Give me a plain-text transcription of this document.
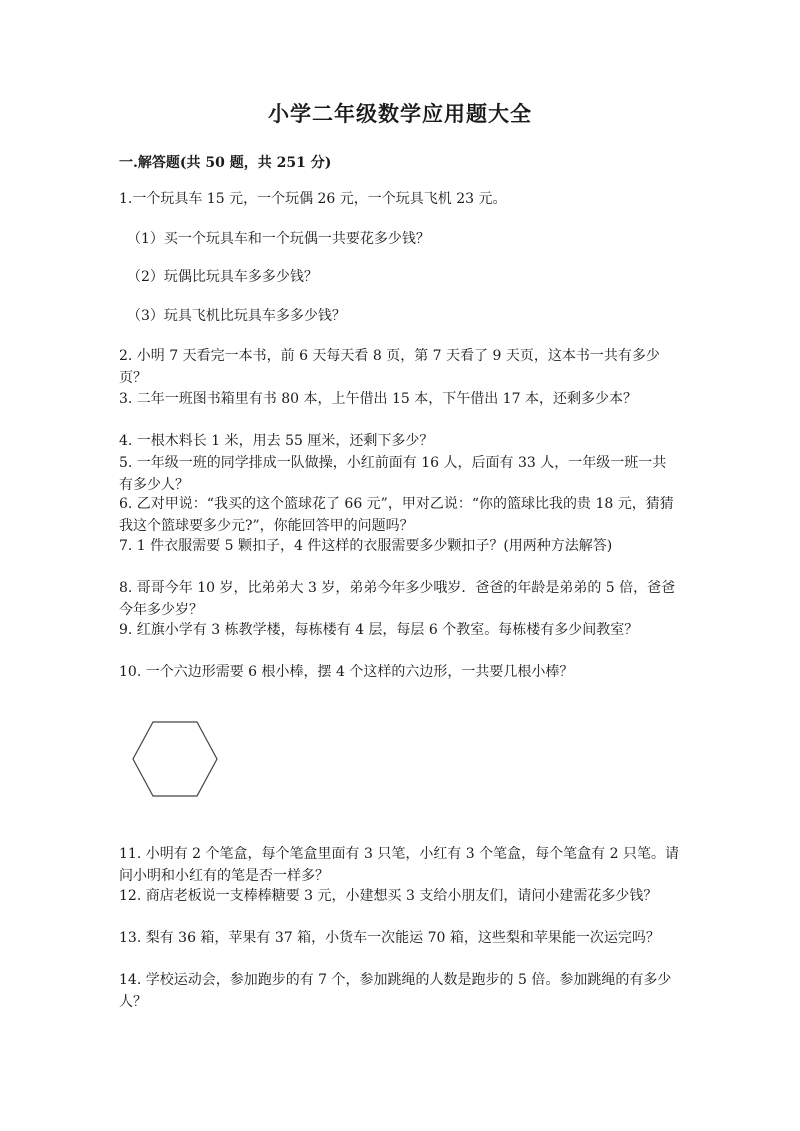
小学二年级数学应用题大全
一.解答题(共 50 题，共 251 分)

1.一个玩具车 15 元，一个玩偶 26 元，一个玩具飞机 23 元。

（1）买一个玩具车和一个玩偶一共要花多少钱？

（2）玩偶比玩具车多多少钱？

（3）玩具飞机比玩具车多多少钱？

2. 小明 7 天看完一本书，前 6 天每天看 8 页，第 7 天看了 9 天页，这本书一共有多少页？

3. 二年一班图书箱里有书 80 本，上午借出 15 本，下午借出 17 本，还剩多少本？

4. 一根木料长 1 米，用去 55 厘米，还剩下多少？

5. 一年级一班的同学排成一队做操，小红前面有 16 人，后面有 33 人，一年级一班一共有多少人？

6. 乙对甲说：“我买的这个篮球花了 66 元”，甲对乙说：“你的篮球比我的贵 18 元，猜猜我这个篮球要多少元?”，你能回答甲的问题吗？

7. 1 件衣服需要 5 颗扣子，4 件这样的衣服需要多少颗扣子？(用两种方法解答)

8. 哥哥今年 10 岁，比弟弟大 3 岁，弟弟今年多少哦岁．爸爸的年龄是弟弟的 5 倍，爸爸今年多少岁？

9. 红旗小学有 3 栋教学楼，每栋楼有 4 层，每层 6 个教室。每栋楼有多少间教室？

10. 一个六边形需要 6 根小棒，摆 4 个这样的六边形，一共要几根小棒？

11. 小明有 2 个笔盒，每个笔盒里面有 3 只笔，小红有 3 个笔盒，每个笔盒有 2 只笔。请问小明和小红有的笔是否一样多？

12. 商店老板说一支棒棒糖要 3 元，小建想买 3 支给小朋友们，请问小建需花多少钱？

13. 梨有 36 箱，苹果有 37 箱，小货车一次能运 70 箱，这些梨和苹果能一次运完吗？

14. 学校运动会，参加跑步的有 7 个，参加跳绳的人数是跑步的 5 倍。参加跳绳的有多少人？
